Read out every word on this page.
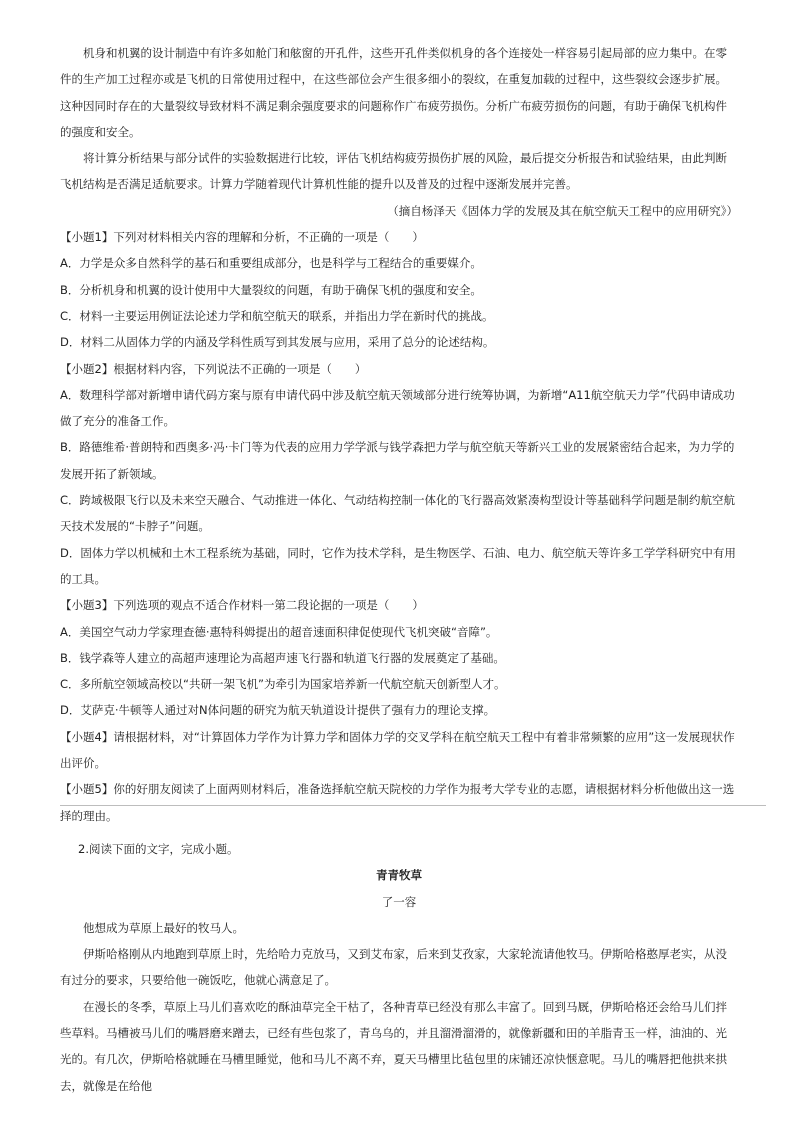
机身和机翼的设计制造中有许多如舱门和舷窗的开孔件，这些开孔件类似机身的各个连接处一样容易引起局部的应力集中。在零件的生产加工过程亦或是飞机的日常使用过程中，在这些部位会产生很多细小的裂纹，在重复加载的过程中，这些裂纹会逐步扩展。这种因同时存在的大量裂纹导致材料不满足剩余强度要求的问题称作广布疲劳损伤。分析广布疲劳损伤的问题，有助于确保飞机构件的强度和安全。

将计算分析结果与部分试件的实验数据进行比较，评估飞机结构疲劳损伤扩展的风险，最后提交分析报告和试验结果，由此判断飞机结构是否满足适航要求。计算力学随着现代计算机性能的提升以及普及的过程中逐渐发展并完善。

（摘自杨泽天《固体力学的发展及其在航空航天工程中的应用研究》）

【小题1】下列对材料相关内容的理解和分析，不正确的一项是（　　）

A．力学是众多自然科学的基石和重要组成部分，也是科学与工程结合的重要媒介。

B．分析机身和机翼的设计使用中大量裂纹的问题，有助于确保飞机的强度和安全。

C．材料一主要运用例证法论述力学和航空航天的联系，并指出力学在新时代的挑战。

D．材料二从固体力学的内涵及学科性质写到其发展与应用，采用了总分的论述结构。

【小题2】根据材料内容，下列说法不正确的一项是（　　）

A．数理科学部对新增申请代码方案与原有申请代码中涉及航空航天领域部分进行统筹协调，为新增“A11航空航天力学”代码申请成功做了充分的准备工作。

B．路德维希·普朗特和西奥多·冯·卡门等为代表的应用力学学派与钱学森把力学与航空航天等新兴工业的发展紧密结合起来，为力学的发展开拓了新领域。

C．跨域极限飞行以及未来空天融合、气动推进一体化、气动结构控制一体化的飞行器高效紧凑构型设计等基础科学问题是制约航空航天技术发展的“卡脖子”问题。

D．固体力学以机械和土木工程系统为基础，同时，它作为技术学科，是生物医学、石油、电力、航空航天等许多工学学科研究中有用的工具。

【小题3】下列选项的观点不适合作材料一第二段论据的一项是（　　）

A．美国空气动力学家理查德·惠特科姆提出的超音速面积律促使现代飞机突破“音障”。

B．钱学森等人建立的高超声速理论为高超声速飞行器和轨道飞行器的发展奠定了基础。

C．多所航空领域高校以“共研一架飞机”为牵引为国家培养新一代航空航天创新型人才。

D．艾萨克·牛顿等人通过对N体问题的研究为航天轨道设计提供了强有力的理论支撑。

【小题4】请根据材料，对“计算固体力学作为计算力学和固体力学的交叉学科在航空航天工程中有着非常频繁的应用”这一发展现状作出评价。

【小题5】你的好朋友阅读了上面两则材料后，准备选择航空航天院校的力学作为报考大学专业的志愿，请根据材料分析他做出这一选择的理由。

2.阅读下面的文字，完成小题。

青青牧草

了一容

他想成为草原上最好的牧马人。

伊斯哈格刚从内地跑到草原上时，先给哈力克放马，又到艾布家，后来到艾孜家，大家轮流请他牧马。伊斯哈格憨厚老实，从没有过分的要求，只要给他一碗饭吃，他就心满意足了。

在漫长的冬季，草原上马儿们喜欢吃的酥油草完全干枯了，各种青草已经没有那么丰富了。回到马厩，伊斯哈格还会给马儿们拌些草料。马槽被马儿们的嘴唇磨来蹭去，已经有些包浆了，青乌乌的，并且溜滑溜滑的，就像新疆和田的羊脂青玉一样，油油的、光光的。有几次，伊斯哈格就睡在马槽里睡觉，他和马儿不离不弃，夏天马槽里比毡包里的床铺还凉快惬意呢。马儿的嘴唇把他拱来拱去，就像是在给他
